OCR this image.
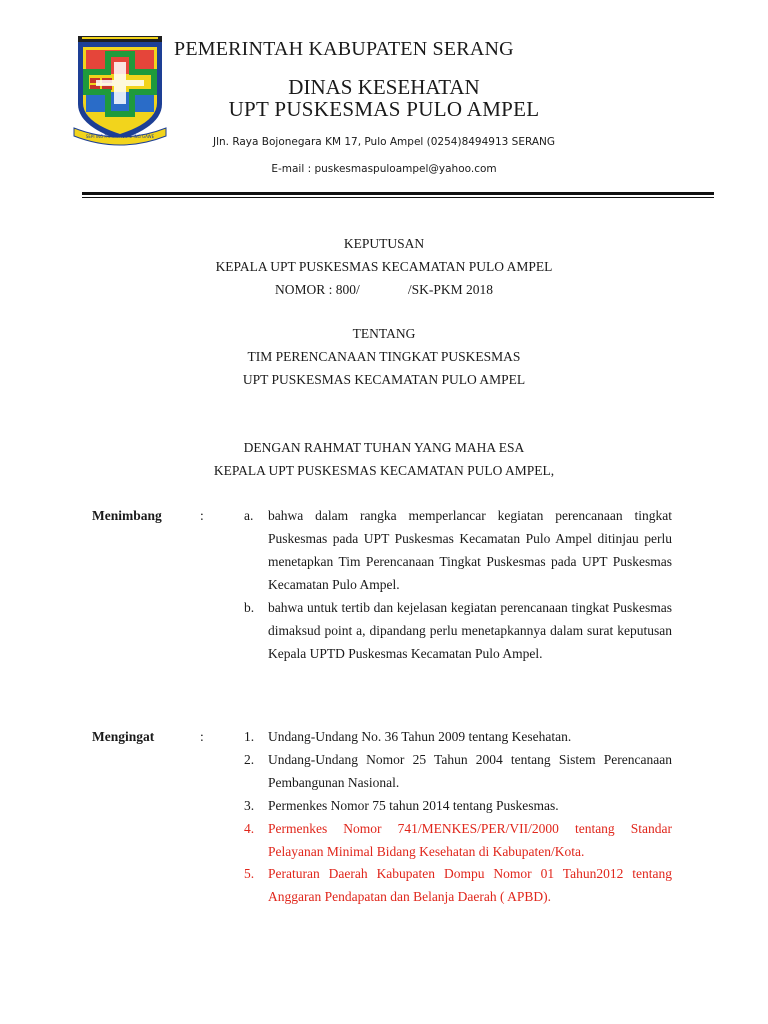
SEPI ING PAMRIH RAME ING GAWE
PEMERINTAH KABUPATEN SERANG
DINAS KESEHATAN
UPT PUSKESMAS PULO AMPEL
Jln. Raya Bojonegara KM 17, Pulo Ampel (0254)8494913 SERANG
E-mail : puskesmaspuloampel@yahoo.com
KEPUTUSAN
KEPALA UPT PUSKESMAS KECAMATAN PULO AMPEL
NOMOR : 800/	/SK-PKM 2018
TENTANG
TIM PERENCANAAN TINGKAT PUSKESMAS
UPT PUSKESMAS KECAMATAN PULO AMPEL
DENGAN RAHMAT TUHAN YANG MAHA ESA
KEPALA UPT PUSKESMAS KECAMATAN PULO AMPEL,
Menimbang	:	a. bahwa dalam rangka memperlancar kegiatan perencanaan tingkat Puskesmas pada UPT Puskesmas Kecamatan Pulo Ampel ditinjau perlu menetapkan Tim Perencanaan Tingkat Puskesmas pada UPT Puskesmas Kecamatan Pulo Ampel.
b. bahwa untuk tertib dan kejelasan kegiatan perencanaan tingkat Puskesmas dimaksud point a, dipandang perlu menetapkannya dalam surat keputusan Kepala UPTD Puskesmas Kecamatan Pulo Ampel.
Mengingat	:	1. Undang-Undang No. 36 Tahun 2009 tentang Kesehatan.
2. Undang-Undang Nomor 25 Tahun 2004 tentang Sistem Perencanaan Pembangunan Nasional.
3. Permenkes Nomor 75 tahun 2014 tentang Puskesmas.
4. Permenkes Nomor 741/MENKES/PER/VII/2000 tentang Standar Pelayanan Minimal Bidang Kesehatan di Kabupaten/Kota.
5. Peraturan Daerah Kabupaten Dompu Nomor 01 Tahun2012 tentang Anggaran Pendapatan dan Belanja Daerah ( APBD).
